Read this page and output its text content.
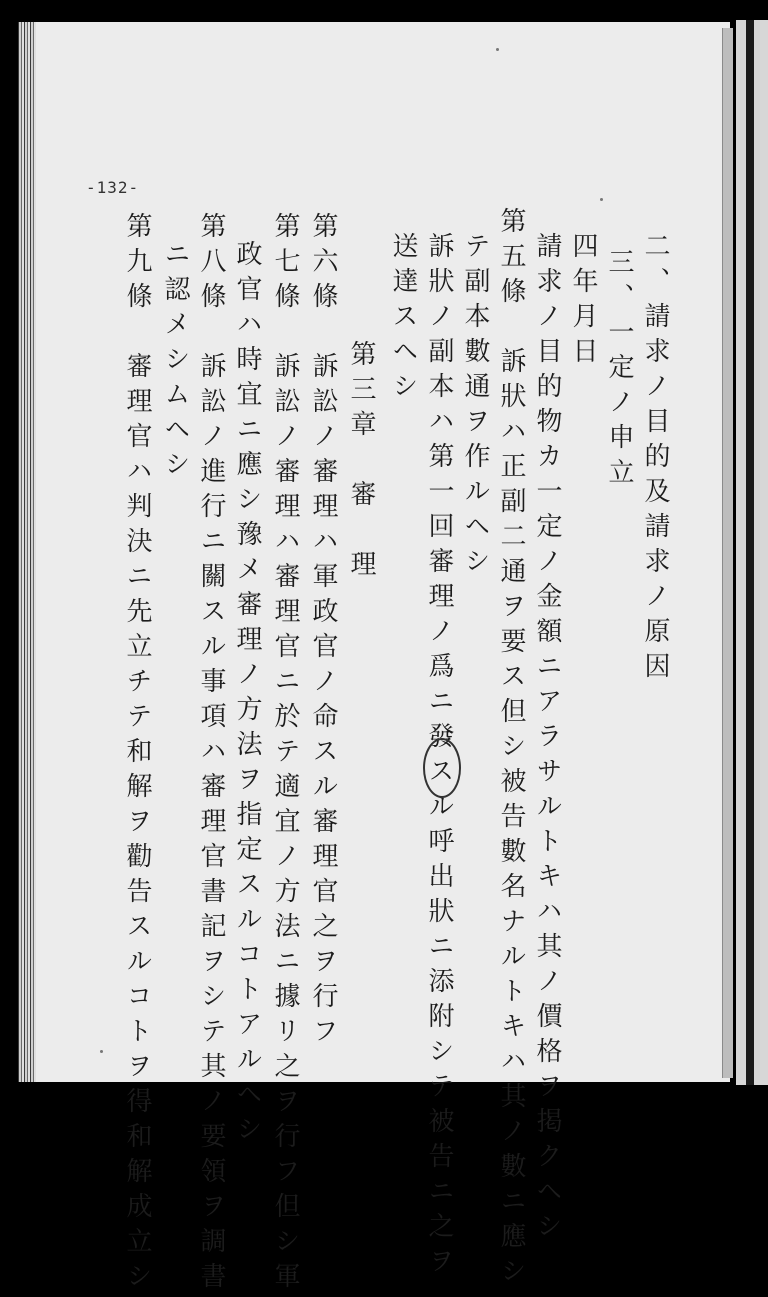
-132-
二、請求ノ目的及請求ノ原因
三、一定ノ申立
四年月日
請求ノ目的物カ一定ノ金額ニアラサルトキハ其ノ價格ヲ掲クヘシ
第五條　訴狀ハ正副二通ヲ要ス但シ被告數名ナルトキハ其ノ數ニ應シ
テ副本數通ヲ作ルヘシ
訴狀ノ副本ハ第一回審理ノ爲ニ發スル呼出狀ニ添附シテ被告ニ之ヲ
送達スヘシ
第三章　審　理
第六條　訴訟ノ審理ハ軍政官ノ命スル審理官之ヲ行フ
第七條　訴訟ノ審理ハ審理官ニ於テ適宜ノ方法ニ據リ之ヲ行フ但シ軍
政官ハ時宜ニ應シ豫メ審理ノ方法ヲ指定スルコトアルヘシ
第八條　訴訟ノ進行ニ關スル事項ハ審理官書記ヲシテ其ノ要領ヲ調書
ニ認メシムヘシ
第九條　審理官ハ判決ニ先立チテ和解ヲ勸告スルコトヲ得和解成立シ
